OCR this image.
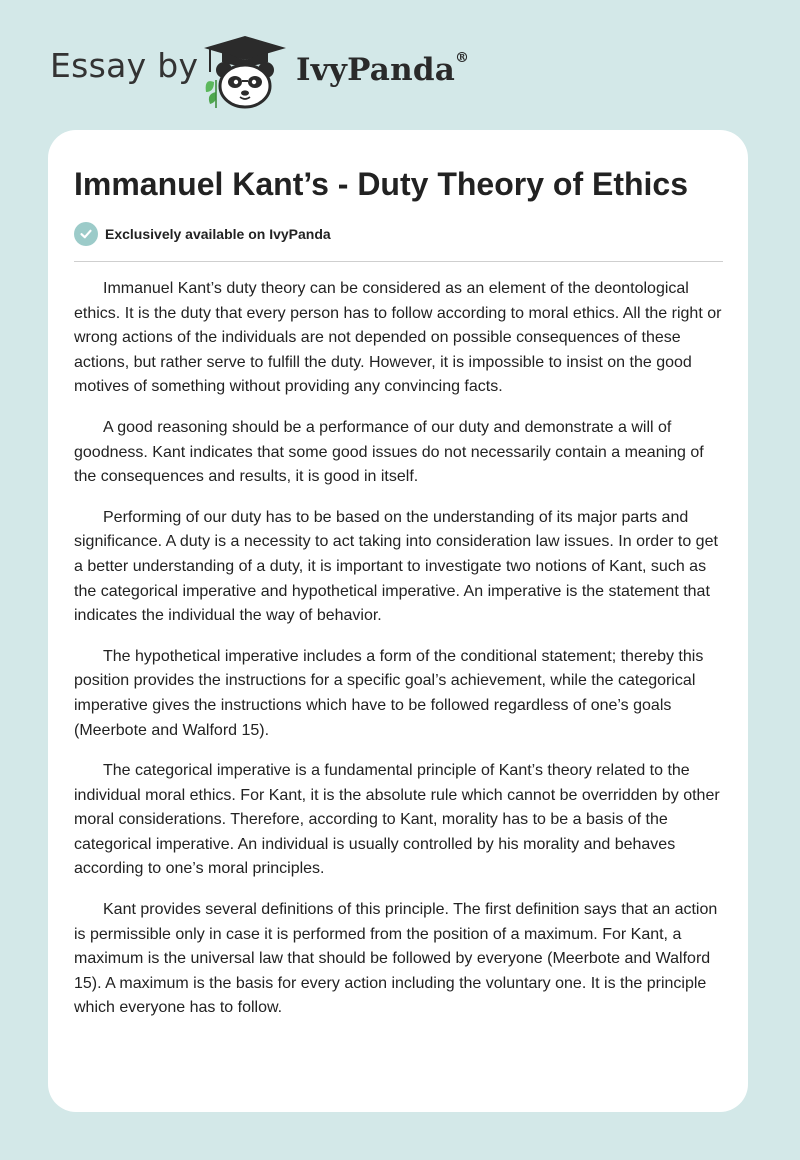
Essay by	IvyPanda®
Immanuel Kant’s - Duty Theory of Ethics
Exclusively available on IvyPanda

Immanuel Kant’s duty theory can be considered as an element of the deontological ethics. It is the duty that every person has to follow according to moral ethics. All the right or wrong actions of the individuals are not depended on possible consequences of these actions, but rather serve to fulfill the duty. However, it is impossible to insist on the good motives of something without providing any convincing facts.

A good reasoning should be a performance of our duty and demonstrate a will of goodness. Kant indicates that some good issues do not necessarily contain a meaning of the consequences and results, it is good in itself.

Performing of our duty has to be based on the understanding of its major parts and significance. A duty is a necessity to act taking into consideration law issues. In order to get a better understanding of a duty, it is important to investigate two notions of Kant, such as the categorical imperative and hypothetical imperative. An imperative is the statement that indicates the individual the way of behavior.

The hypothetical imperative includes a form of the conditional statement; thereby this position provides the instructions for a specific goal’s achievement, while the categorical imperative gives the instructions which have to be followed regardless of one’s goals (Meerbote and Walford 15).

The categorical imperative is a fundamental principle of Kant’s theory related to the individual moral ethics. For Kant, it is the absolute rule which cannot be overridden by other moral considerations. Therefore, according to Kant, morality has to be a basis of the categorical imperative. An individual is usually controlled by his morality and behaves according to one’s moral principles.

Kant provides several definitions of this principle. The first definition says that an action is permissible only in case it is performed from the position of a maximum. For Kant, a maximum is the universal law that should be followed by everyone (Meerbote and Walford 15). A maximum is the basis for every action including the voluntary one. It is the principle which everyone has to follow.
